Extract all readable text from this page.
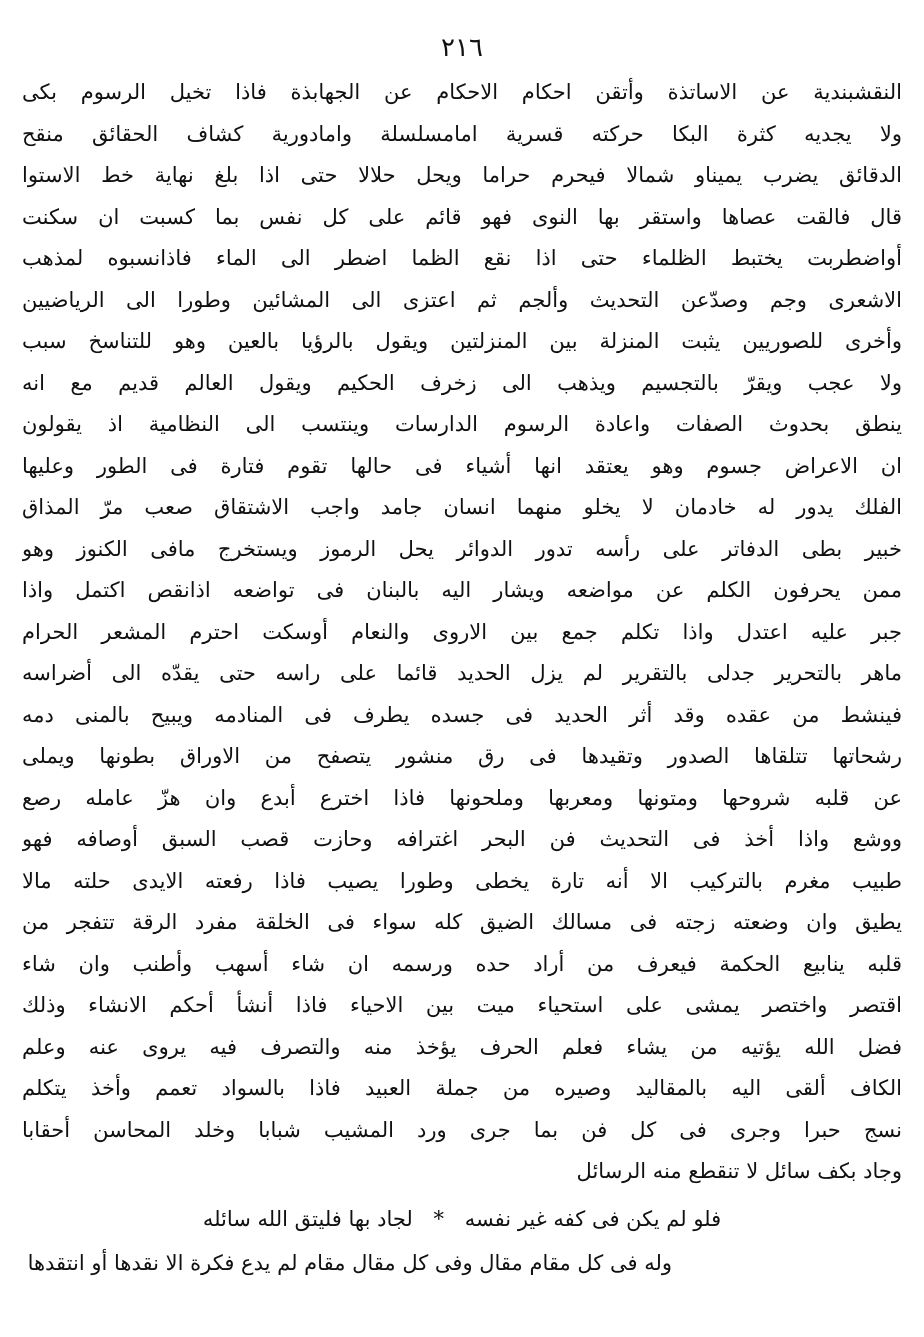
٢١٦
النقشبندية عن الاساتذة وأتقن احكام الاحكام عن الجهابذة فاذا تخيل الرسوم بكى
ولا يجديه كثرة البكا حركته قسرية امامسلسلة وامادورية كشاف الحقائق منقح
الدقائق يضرب يميناو شمالا فيحرم حراما ويحل حلالا حتى اذا بلغ نهاية خط الاستوا
قال فالقت عصاها واستقر بها النوى فهو قائم على كل نفس بما كسبت ان سكنت
أواضطربت يختبط الظلماء حتى اذا نقع الظما اضطر الى الماء فاذانسبوه لمذهب
الاشعرى وجم وصدّعن التحديث وألجم ثم اعتزى الى المشائين وطورا الى الرياضيين
وأخرى للصوريين يثبت المنزلة بين المنزلتين ويقول بالرؤيا بالعين وهو للتناسخ سبب
ولا عجب ويقرّ بالتجسيم ويذهب الى زخرف الحكيم ويقول العالم قديم مع انه
ينطق بحدوث الصفات واعادة الرسوم الدارسات وينتسب الى النظامية اذ يقولون
ان الاعراض جسوم وهو يعتقد انها أشياء فى حالها تقوم فتارة فى الطور وعليها
الفلك يدور له خادمان لا يخلو منهما انسان جامد واجب الاشتقاق صعب مرّ المذاق
خبير بطى الدفاتر على رأسه تدور الدوائر يحل الرموز ويستخرج مافى الكنوز وهو
ممن يحرفون الكلم عن مواضعه ويشار اليه بالبنان فى تواضعه اذانقص اكتمل واذا
جبر عليه اعتدل واذا تكلم جمع بين الاروى والنعام أوسكت احترم المشعر الحرام
ماهر بالتحرير جدلى بالتقرير لم يزل الحديد قائما على راسه حتى يقدّه الى أضراسه
فينشط من عقده وقد أثر الحديد فى جسده يطرف فى المنادمه ويبيح بالمنى دمه
رشحاتها تتلقاها الصدور وتقيدها فى رق منشور يتصفح من الاوراق بطونها ويملى
عن قلبه شروحها ومتونها ومعربها وملحونها فاذا اخترع أبدع وان هزّ عامله رصع
ووشع واذا أخذ فى التحديث فن البحر اغترافه وحازت قصب السبق أوصافه فهو
طبيب مغرم بالتركيب الا أنه تارة يخطى وطورا يصيب فاذا رفعته الايدى حلته مالا
يطيق وان وضعته زجته فى مسالك الضيق كله سواء فى الخلقة مفرد الرقة تتفجر من
قلبه ينابيع الحكمة فيعرف من أراد حده ورسمه ان شاء أسهب وأطنب وان شاء
اقتصر واختصر يمشى على استحياء ميت بين الاحياء فاذا أنشأ أحكم الانشاء وذلك
فضل الله يؤتيه من يشاء فعلم الحرف يؤخذ منه والتصرف فيه يروى عنه وعلم
الكاف ألقى اليه بالمقاليد وصيره من جملة العبيد فاذا بالسواد تعمم وأخذ يتكلم
نسج حبرا وجرى فى كل فن بما جرى ورد المشيب شبابا وخلد المحاسن أحقابا
وجاد بكف سائل لا تنقطع منه الرسائل
فلو لم يكن فى كفه غير نفسه * لجاد بها فليتق الله سائله
وله فى كل مقام مقال وفى كل مقال مقام لم يدع فكرة الا نقدها أو انتقدها
